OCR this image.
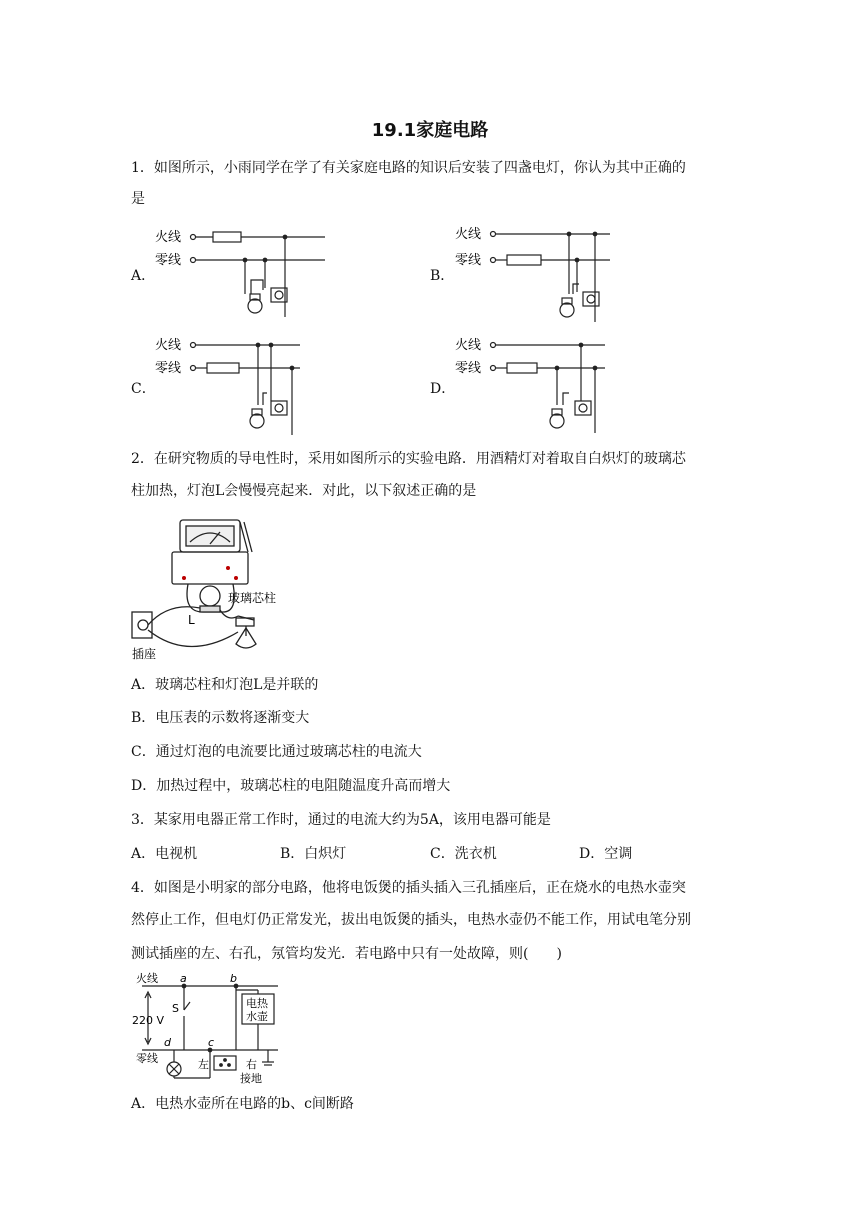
19.1家庭电路
1．如图所示，小雨同学在学了有关家庭电路的知识后安装了四盏电灯，你认为其中正确的
是
A．	B．
C．	D．
火线
零线
火线
零线
火线
零线
火线
零线
2．在研究物质的导电性时，采用如图所示的实验电路．用酒精灯对着取自白炽灯的玻璃芯
柱加热，灯泡L会慢慢亮起来．对此，以下叙述正确的是
玻璃芯柱
L
插座
A．玻璃芯柱和灯泡L是并联的
B．电压表的示数将逐渐变大
C．通过灯泡的电流要比通过玻璃芯柱的电流大
D．加热过程中，玻璃芯柱的电阻随温度升高而增大
3．某家用电器正常工作时，通过的电流大约为5A，该用电器可能是
A．电视机	B．白炽灯	C．洗衣机	D．空调
4．如图是小明家的部分电路，他将电饭煲的插头插入三孔插座后，正在烧水的电热水壶突
然停止工作，但电灯仍正常发光，拔出电饭煲的插头，电热水壶仍不能工作，用试电笔分别
测试插座的左、右孔，氖管均发光．若电路中只有一处故障，则(　　)
火线
220 V
零线
a	b
c
d
S	电热
水壶
左	右
接地
A．电热水壶所在电路的b、c间断路
